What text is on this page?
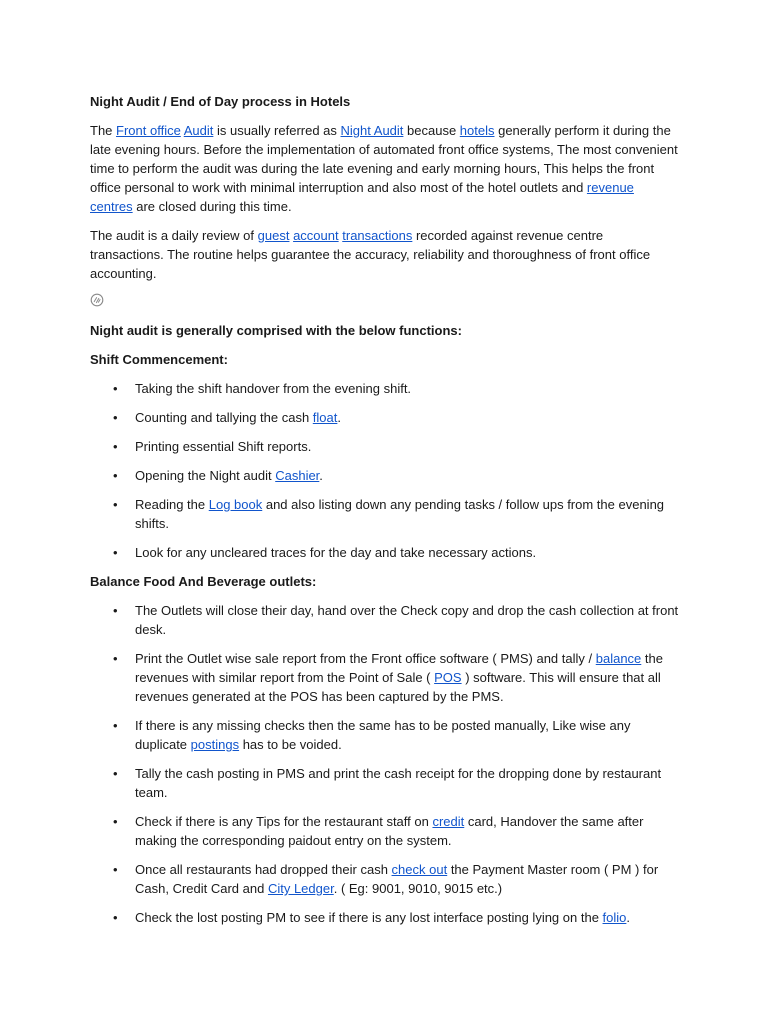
Night Audit / End of Day process in Hotels

The Front office Audit is usually referred as Night Audit because hotels generally perform it during the late evening hours. Before the implementation of automated front office systems, The most convenient time to perform the audit was during the late evening and early morning hours, This helps the front office personal to work with minimal interruption and also most of the hotel outlets and revenue centres are closed during this time.

The audit is a daily review of guest account transactions recorded against revenue centre transactions. The routine helps guarantee the accuracy, reliability and thoroughness of front office accounting.

Night audit is generally comprised with the below functions:

Shift Commencement:

• Taking the shift handover from the evening shift.
• Counting and tallying the cash float.
• Printing essential Shift reports.
• Opening the Night audit Cashier.
• Reading the Log book and also listing down any pending tasks / follow ups from the evening shifts.
• Look for any uncleared traces for the day and take necessary actions.

Balance Food And Beverage outlets:

• The Outlets will close their day, hand over the Check copy and drop the cash collection at front desk.
• Print the Outlet wise sale report from the Front office software ( PMS) and tally / balance the revenues with similar report from the Point of Sale ( POS ) software. This will ensure that all revenues generated at the POS has been captured by the PMS.
• If there is any missing checks then the same has to be posted manually, Like wise any duplicate postings has to be voided.
• Tally the cash posting in PMS and print the cash receipt for the dropping done by restaurant team.
• Check if there is any Tips for the restaurant staff on credit card, Handover the same after making the corresponding paidout entry on the system.
• Once all restaurants had dropped their cash check out the Payment Master room ( PM ) for Cash, Credit Card and City Ledger. ( Eg: 9001, 9010, 9015 etc.)
• Check the lost posting PM to see if there is any lost interface posting lying on the folio.
